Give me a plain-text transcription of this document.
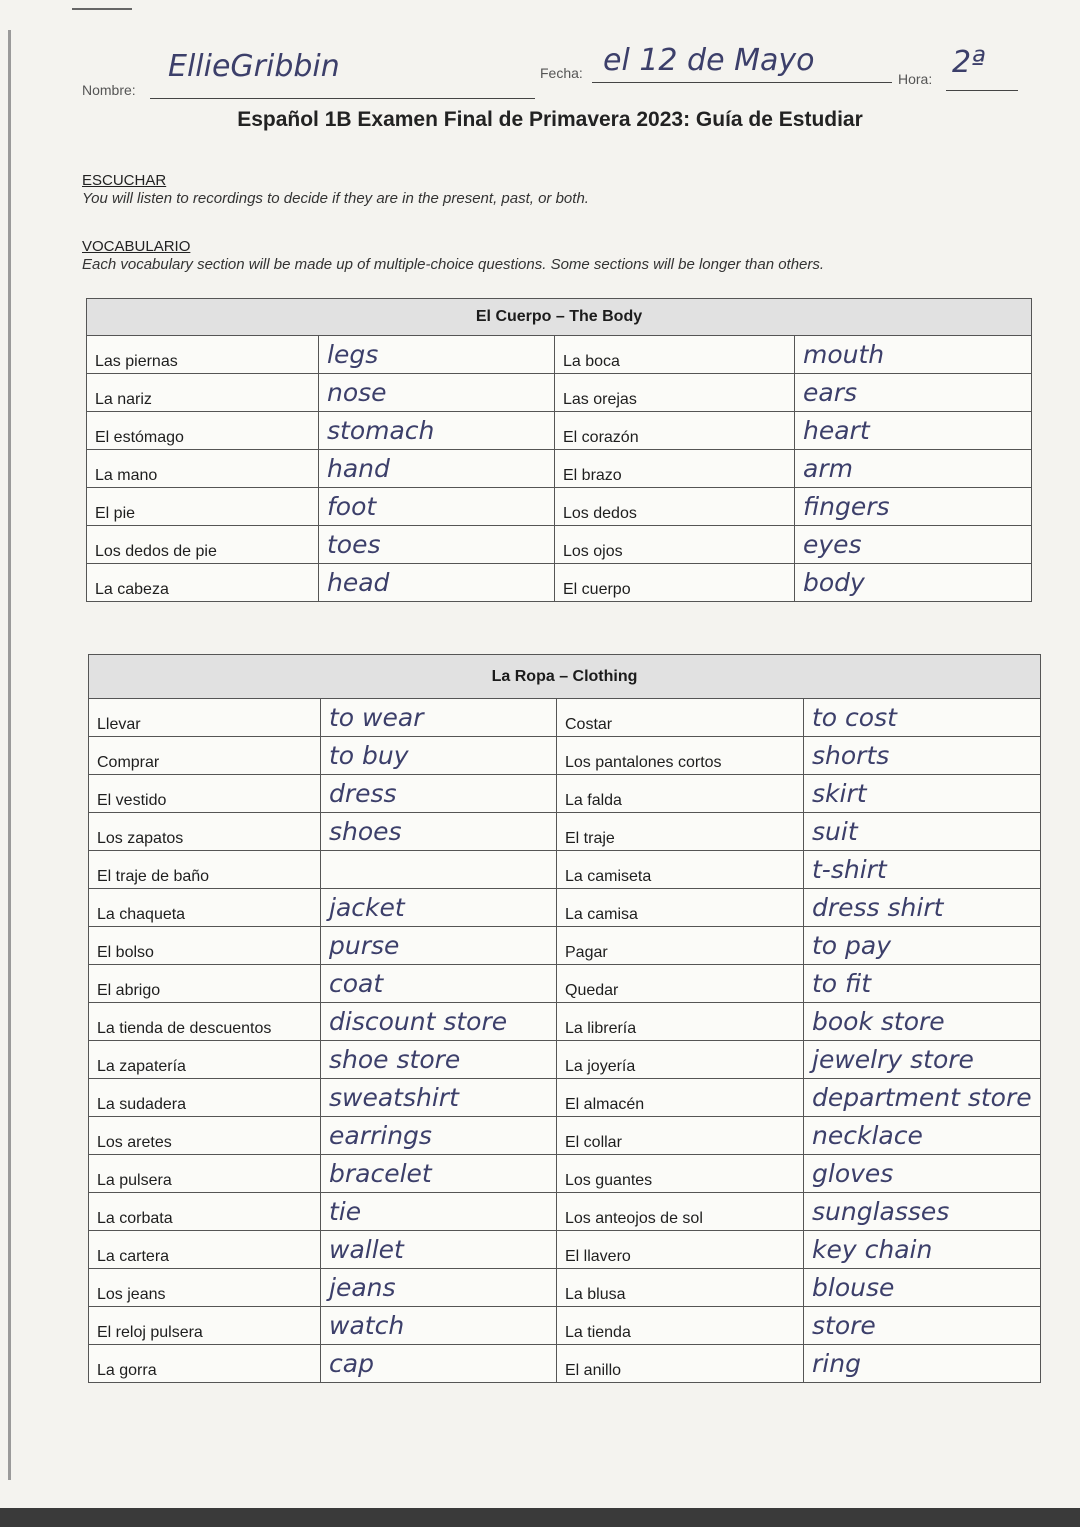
Nombre:
EllieGribbin	Fecha: el 12 de Mayo
Hora: 2ª
Español 1B Examen Final de Primavera 2023: Guía de Estudiar
ESCUCHAR
You will listen to recordings to decide if they are in the present, past, or both.
VOCABULARIO
Each vocabulary section will be made up of multiple-choice questions. Some sections will be longer than others.
El Cuerpo – The Body			
Las piernas	legs	La boca	mouth
La nariz	nose	Las orejas	ears
El estómago	stomach	El corazón	heart
La mano	hand	El brazo	arm
El pie	foot	Los dedos	fingers
Los dedos de pie	toes	Los ojos	eyes
La cabeza	head	El cuerpo	body
La Ropa – Clothing			
Llevar	to wear	Costar	to cost
Comprar	to buy	Los pantalones cortos	shorts
El vestido	dress	La falda	skirt
Los zapatos	shoes	El traje	suit
El traje de baño		La camiseta	t-shirt
La chaqueta	jacket	La camisa	dress shirt
El bolso	purse	Pagar	to pay
El abrigo	coat	Quedar	to fit
La tienda de descuentos	discount store	La librería	book store
La zapatería	shoe store	La joyería	jewelry store
La sudadera	sweatshirt	El almacén	department store
Los aretes	earrings	El collar	necklace
La pulsera	bracelet	Los guantes	gloves
La corbata	tie	Los anteojos de sol	sunglasses
La cartera	wallet	El llavero	key chain
Los jeans	jeans	La blusa	blouse
El reloj pulsera	watch	La tienda	store
La gorra	cap	El anillo	ring
